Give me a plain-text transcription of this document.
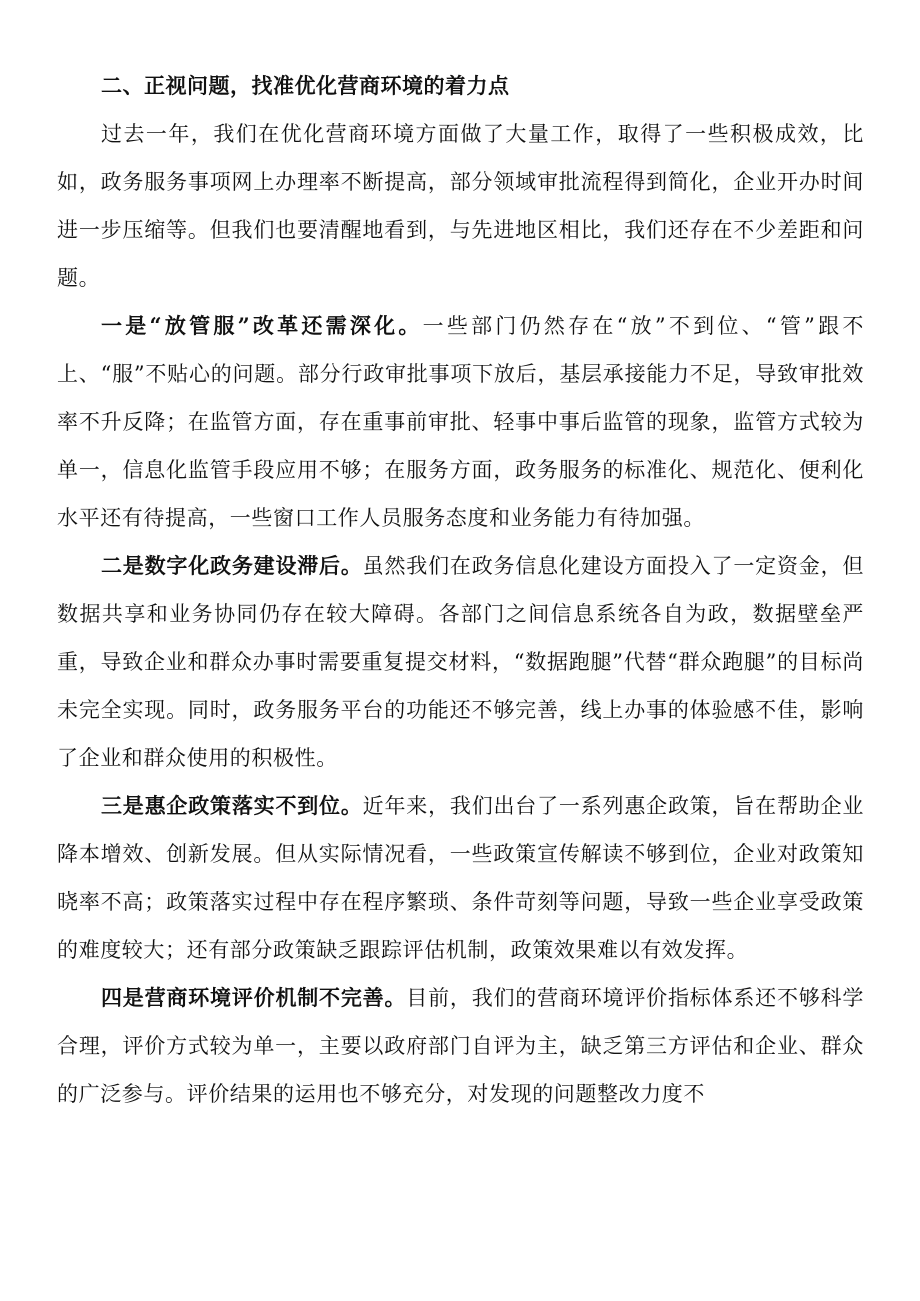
二、正视问题，找准优化营商环境的着力点

过去一年，我们在优化营商环境方面做了大量工作，取得了一些积极成效，比如，政务服务事项网上办理率不断提高，部分领域审批流程得到简化，企业开办时间进一步压缩等。但我们也要清醒地看到，与先进地区相比，我们还存在不少差距和问题。

一是“放管服”改革还需深化。一些部门仍然存在“放”不到位、“管”跟不上、“服”不贴心的问题。部分行政审批事项下放后，基层承接能力不足，导致审批效率不升反降；在监管方面，存在重事前审批、轻事中事后监管的现象，监管方式较为单一，信息化监管手段应用不够；在服务方面，政务服务的标准化、规范化、便利化水平还有待提高，一些窗口工作人员服务态度和业务能力有待加强。

二是数字化政务建设滞后。虽然我们在政务信息化建设方面投入了一定资金，但数据共享和业务协同仍存在较大障碍。各部门之间信息系统各自为政，数据壁垒严重，导致企业和群众办事时需要重复提交材料，“数据跑腿”代替“群众跑腿”的目标尚未完全实现。同时，政务服务平台的功能还不够完善，线上办事的体验感不佳，影响了企业和群众使用的积极性。

三是惠企政策落实不到位。近年来，我们出台了一系列惠企政策，旨在帮助企业降本增效、创新发展。但从实际情况看，一些政策宣传解读不够到位，企业对政策知晓率不高；政策落实过程中存在程序繁琐、条件苛刻等问题，导致一些企业享受政策的难度较大；还有部分政策缺乏跟踪评估机制，政策效果难以有效发挥。

四是营商环境评价机制不完善。目前，我们的营商环境评价指标体系还不够科学合理，评价方式较为单一，主要以政府部门自评为主，缺乏第三方评估和企业、群众的广泛参与。评价结果的运用也不够充分，对发现的问题整改力度不
